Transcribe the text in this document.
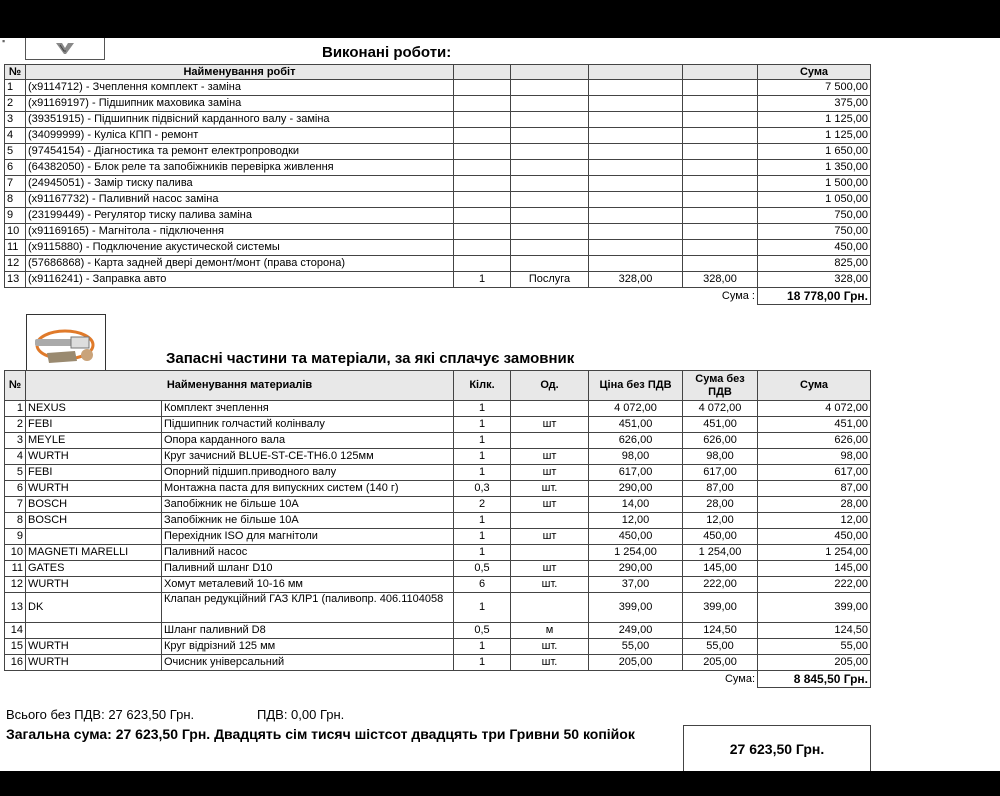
▪
Виконані роботи:
№	Найменування робіт					Сума
1	(x9114712) - Зчеплення комплект - заміна					7 500,00
2	(x91169197) - Підшипник маховика заміна					375,00
3	(39351915) - Підшипник підвісний карданного валу - заміна					1 125,00
4	(34099999) - Куліса КПП - ремонт					1 125,00
5	(97454154) - Діагностика та ремонт електропроводки					1 650,00
6	(64382050) - Блок реле та запобіжників перевірка живлення					1 350,00
7	(24945051) - Замір тиску палива					1 500,00
8	(x91167732) - Паливний насос заміна					1 050,00
9	(23199449) - Регулятор тиску палива заміна					750,00
10	(x91169165) - Магнітола - підключення					750,00
11	(x9115880) - Подключение акустической системы					450,00
12	(57686868) - Карта задней двері демонт/монт (права сторона)					825,00
13	(x9116241) - Заправка авто	1	Послуга	328,00	328,00	328,00
Сума :						18 778,00 Грн.
Запасні частини та матеріали, за які сплачує замовник
№	Найменування материалів		Кілк.	Од.	Ціна без ПДВ	Сума без ПДВ	Сума
1	NEXUS	Комплект зчеплення	1		4 072,00	4 072,00	4 072,00
2	FEBI	Підшипник голчастий колінвалу	1	шт	451,00	451,00	451,00
3	MEYLE	Опора карданного вала	1		626,00	626,00	626,00
4	WURTH	Круг зачисний BLUE-ST-CE-TH6.0 125мм	1	шт	98,00	98,00	98,00
5	FEBI	Опорний підшип.приводного валу	1	шт	617,00	617,00	617,00
6	WURTH	Монтажна паста для випускних систем (140 г)	0,3	шт.	290,00	87,00	87,00
7	BOSCH	Запобіжник не більше 10А	2	шт	14,00	28,00	28,00
8	BOSCH	Запобіжник не більше 10А	1		12,00	12,00	12,00
9		Перехідник ISO для магнітоли	1	шт	450,00	450,00	450,00
10	MAGNETI MARELLI	Паливний насос	1		1 254,00	1 254,00	1 254,00
11	GATES	Паливний шланг D10	0,5	шт	290,00	145,00	145,00
12	WURTH	Хомут металевий 10-16 мм	6	шт.	37,00	222,00	222,00
13	DK	Клапан редукційний ГАЗ КЛР1 (паливопр. 406.1104058	1		399,00	399,00	399,00
14		Шланг паливний D8	0,5	м	249,00	124,50	124,50
15	WURTH	Круг відрізний 125 мм	1	шт.	55,00	55,00	55,00
16	WURTH	Очисник універсальний	1	шт.	205,00	205,00	205,00
Сума:							8 845,50 Грн.
Всього без ПДВ: 27 623,50 Грн.	ПДВ: 0,00 Грн.
Загальна сума: 27 623,50 Грн. Двадцять сім тисяч шістсот двадцять три Гривни 50 копійок
27 623,50 Грн.
